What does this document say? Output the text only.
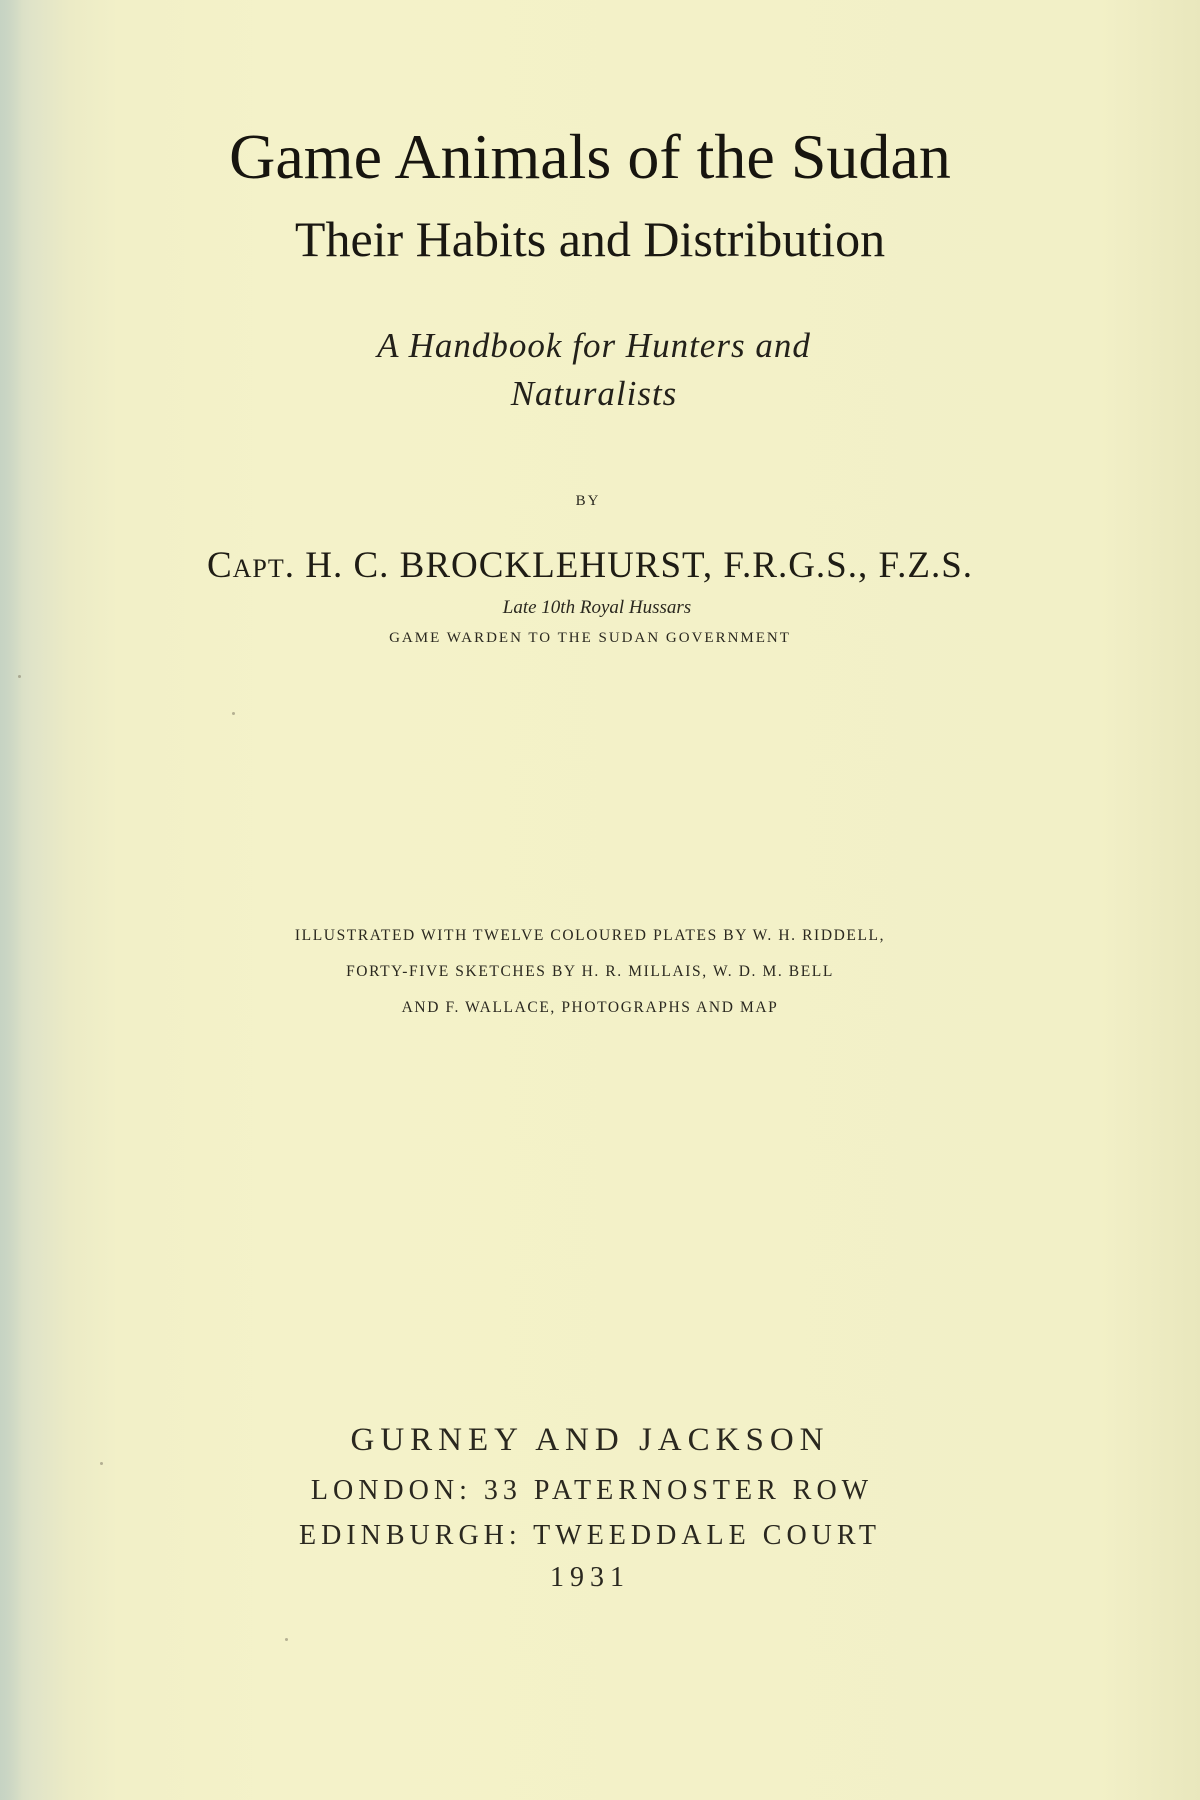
Game Animals of the Sudan
Their Habits and Distribution
A Handbook for Hunters and
Naturalists
BY
Capt. H. C. BROCKLEHURST, F.R.G.S., F.Z.S.
Late 10th Royal Hussars
GAME WARDEN TO THE SUDAN GOVERNMENT
ILLUSTRATED WITH TWELVE COLOURED PLATES BY W. H. RIDDELL,
FORTY-FIVE SKETCHES BY H. R. MILLAIS, W. D. M. BELL
AND F. WALLACE, PHOTOGRAPHS AND MAP
GURNEY AND JACKSON
LONDON: 33 PATERNOSTER ROW
EDINBURGH: TWEEDDALE COURT
1931
